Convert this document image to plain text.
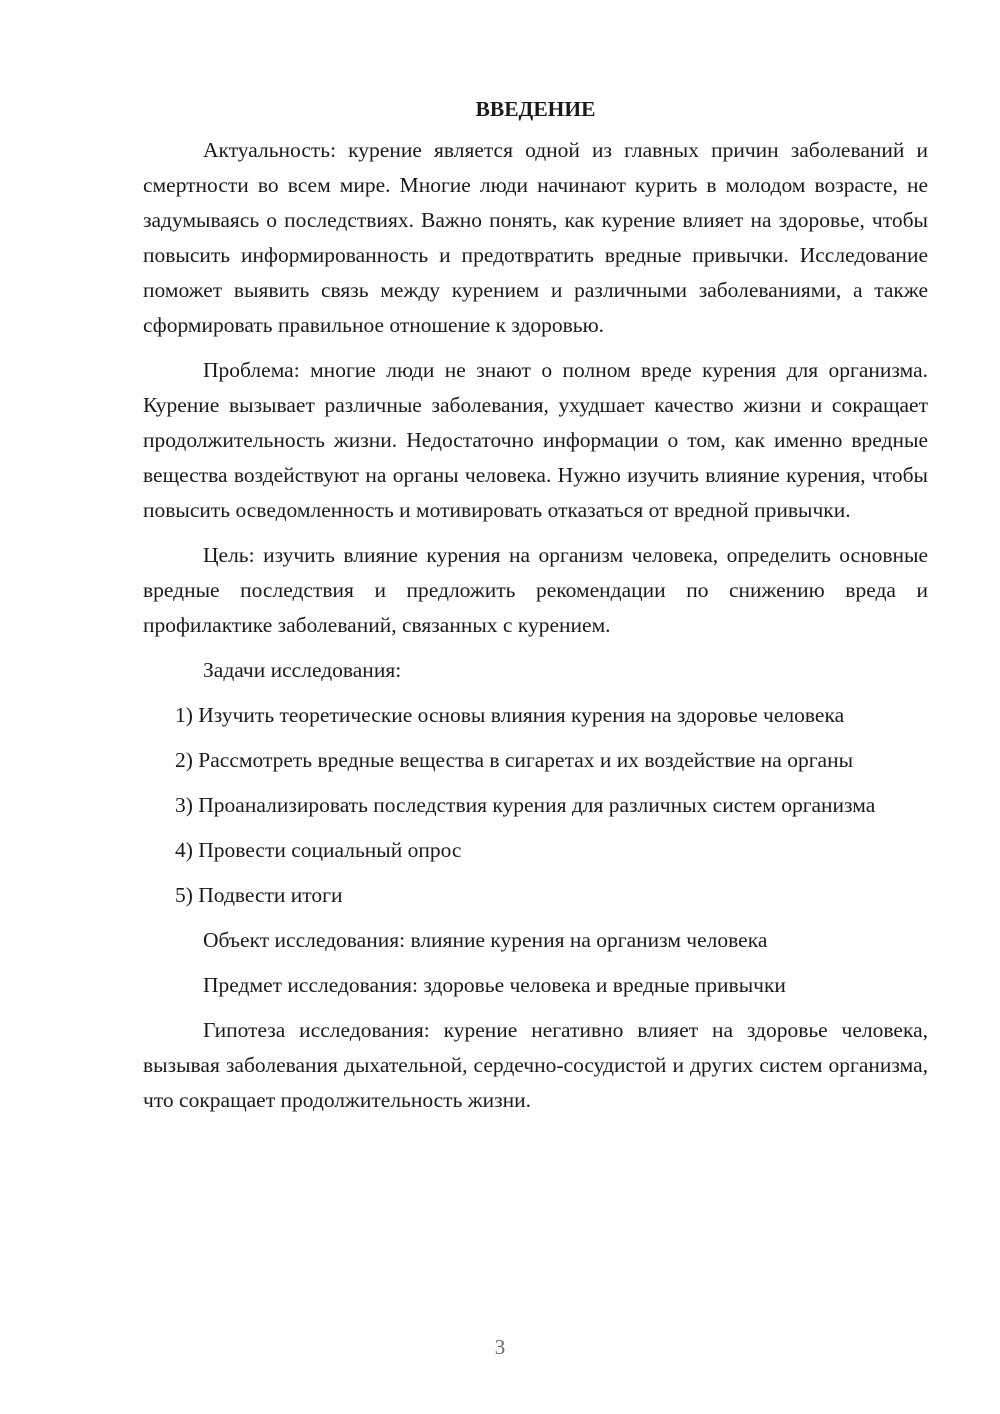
ВВЕДЕНИЕ

Актуальность: курение является одной из главных причин заболеваний и смертности во всем мире. Многие люди начинают курить в молодом возрасте, не задумываясь о последствиях. Важно понять, как курение влияет на здоровье, чтобы повысить информированность и предотвратить вредные привычки. Исследование поможет выявить связь между курением и различными заболеваниями, а также сформировать правильное отношение к здоровью.

Проблема: многие люди не знают о полном вреде курения для организма. Курение вызывает различные заболевания, ухудшает качество жизни и сокращает продолжительность жизни. Недостаточно информации о том, как именно вредные вещества воздействуют на органы человека. Нужно изучить влияние курения, чтобы повысить осведомленность и мотивировать отказаться от вредной привычки.

Цель: изучить влияние курения на организм человека, определить основные вредные последствия и предложить рекомендации по снижению вреда и профилактике заболеваний, связанных с курением.

Задачи исследования:

1) Изучить теоретические основы влияния курения на здоровье человека

2) Рассмотреть вредные вещества в сигаретах и их воздействие на органы

3) Проанализировать последствия курения для различных систем организма

4) Провести социальный опрос

5) Подвести итоги

Объект исследования: влияние курения на организм человека

Предмет исследования: здоровье человека и вредные привычки

Гипотеза исследования: курение негативно влияет на здоровье человека, вызывая заболевания дыхательной, сердечно-сосудистой и других систем организма, что сокращает продолжительность жизни.

3
